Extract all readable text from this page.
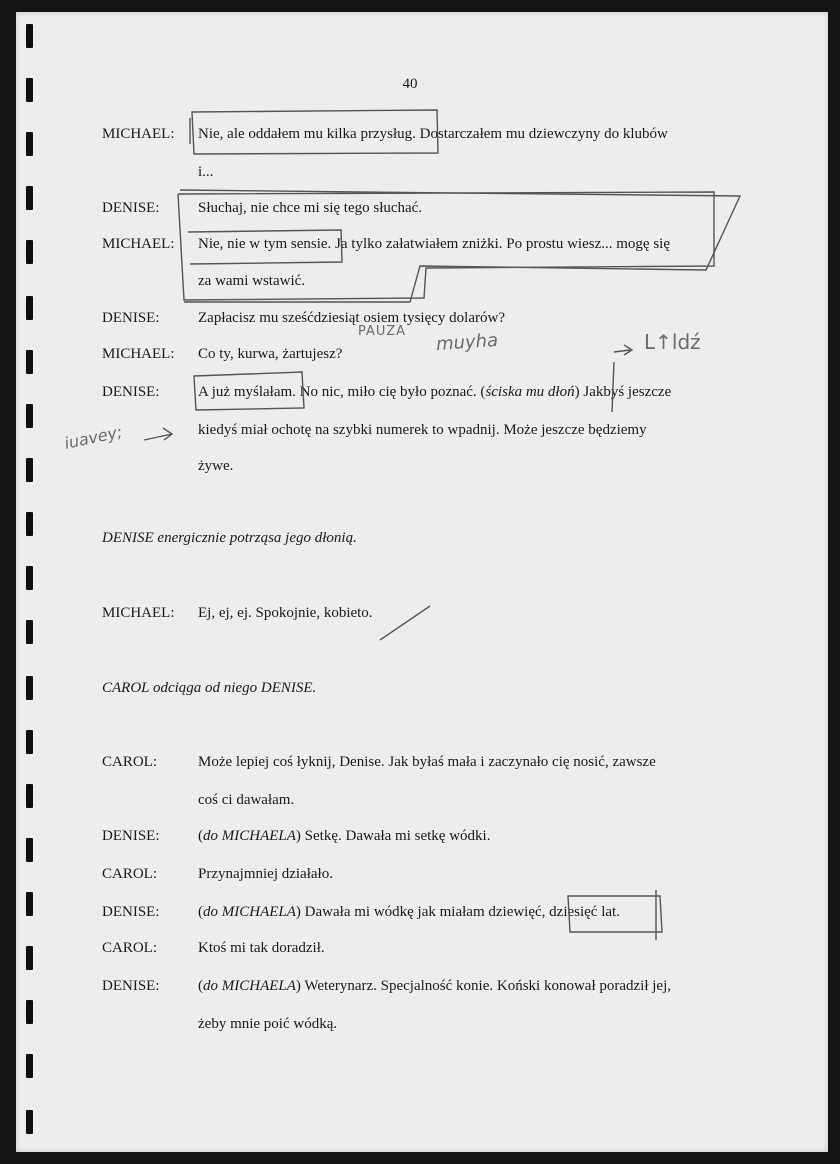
40
MICHAEL: Nie, ale oddałem mu kilka przysług. Dostarczałem mu dziewczyny do klubów
i...
DENISE:	Słuchaj, nie chce mi się tego słuchać.
MICHAEL: Nie, nie w tym sensie. Ja tylko załatwiałem zniżki. Po prostu wiesz... mogę się
za wami wstawić.
DENISE:	Zapłacisz mu sześćdziesiąt osiem tysięcy dolarów?
MICHAEL: Co ty, kurwa, żartujesz?
DENISE:	A już myślałam. No nic, miło cię było poznać. (ściska mu dłoń) Jakbyś jeszcze
kiedyś miał ochotę na szybki numerek to wpadnij. Może jeszcze będziemy
żywe.
DENISE energicznie potrząsa jego dłonią.
MICHAEL: Ej, ej, ej. Spokojnie, kobieto.
CAROL odciąga od niego DENISE.
CAROL:	Może lepiej coś łyknij, Denise. Jak byłaś mała i zaczynało cię nosić, zawsze
coś ci dawałam.
DENISE:	(do MICHAELA) Setkę. Dawała mi setkę wódki.
CAROL:	Przynajmniej działało.
DENISE:	(do MICHAELA) Dawała mi wódkę jak miałam dziewięć, dziesięć lat.
CAROL:	Ktoś mi tak doradził.
DENISE:	(do MICHAELA) Weterynarz. Specjalność konie. Koński konował poradził jej,
żeby mnie poić wódką.
PAUZA muyha	L↑ldź
iuavey;
